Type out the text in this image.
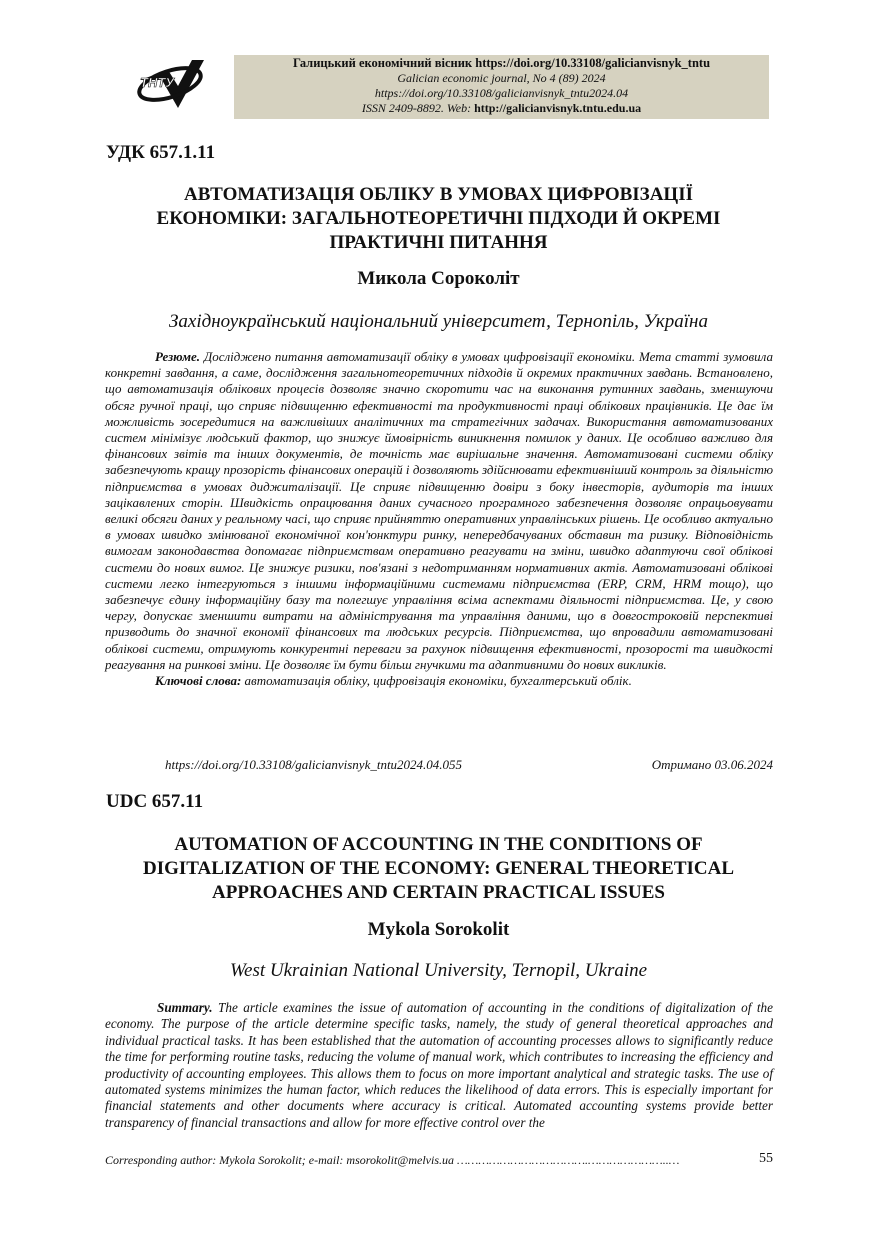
ТНТУ
Галицький економічний вісник https://doi.org/10.33108/galicianvisnyk_tntu
Galician economic journal, No 4 (89) 2024
https://doi.org/10.33108/galicianvisnyk_tntu2024.04
ISSN 2409-8892. Web: http://galicianvisnyk.tntu.edu.ua
УДК 657.1.11
АВТОМАТИЗАЦІЯ ОБЛІКУ В УМОВАХ ЦИФРОВІЗАЦІЇ
ЕКОНОМІКИ: ЗАГАЛЬНОТЕОРЕТИЧНІ ПІДХОДИ Й ОКРЕМІ
ПРАКТИЧНІ ПИТАННЯ
Микола Сороколіт
Західноукраїнський національний університет, Тернопіль, Україна

Резюме. Досліджено питання автоматизації обліку в умовах цифровізації економіки. Мета статті зумовила конкретні завдання, а саме, дослідження загальнотеоретичних підходів й окремих практичних завдань. Встановлено, що автоматизація облікових процесів дозволяє значно скоротити час на виконання рутинних завдань, зменшуючи обсяг ручної праці, що сприяє підвищенню ефективності та продуктивності праці облікових працівників. Це дає їм можливість зосередитися на важливіших аналітичних та стратегічних задачах. Використання автоматизованих систем мінімізує людський фактор, що знижує ймовірність виникнення помилок у даних. Це особливо важливо для фінансових звітів та інших документів, де точність має вирішальне значення. Автоматизовані системи обліку забезпечують кращу прозорість фінансових операцій і дозволяють здійснювати ефективніший контроль за діяльністю підприємства в умовах диджиталізації. Це сприяє підвищенню довіри з боку інвесторів, аудиторів та інших зацікавлених сторін. Швидкість опрацювання даних сучасного програмного забезпечення дозволяє опрацьовувати великі обсяги даних у реальному часі, що сприяє прийняттю оперативних управлінських рішень. Це особливо актуально в умовах швидко змінюваної економічної кон'юнктури ринку, непередбачуваних обставин та ризику. Відповідність вимогам законодавства допомагає підприємствам оперативно реагувати на зміни, швидко адаптуючи свої облікові системи до нових вимог. Це знижує ризики, пов'язані з недотриманням нормативних актів. Автоматизовані облікові системи легко інтегруються з іншими інформаційними системами підприємства (ERP, CRM, HRM тощо), що забезпечує єдину інформаційну базу та полегшує управління всіма аспектами діяльності підприємства. Це, у свою чергу, допускає зменшити витрати на адміністрування та управління даними, що в довгостроковій перспективі призводить до значної економії фінансових та людських ресурсів. Підприємства, що впровадили автоматизовані облікові системи, отримують конкурентні переваги за рахунок підвищення ефективності, прозорості та швидкості реагування на ринкові зміни. Це дозволяє їм бути більш гнучкими та адаптивними до нових викликів.

Ключові слова: автоматизація обліку, цифровізація економіки, бухгалтерський облік.

https://doi.org/10.33108/galicianvisnyk_tntu2024.04.055	Отримано 03.06.2024
UDC 657.11
AUTOMATION OF ACCOUNTING IN THE CONDITIONS OF
DIGITALIZATION OF THE ECONOMY: GENERAL THEORETICAL
APPROACHES AND CERTAIN PRACTICAL ISSUES
Mykola Sorokolit
West Ukrainian National University, Ternopil, Ukraine

Summary. The article examines the issue of automation of accounting in the conditions of digitalization of the economy. The purpose of the article determine specific tasks, namely, the study of general theoretical approaches and individual practical tasks. It has been established that the automation of accounting processes allows to significantly reduce the time for performing routine tasks, reducing the volume of manual work, which contributes to increasing the efficiency and productivity of accounting employees. This allows them to focus on more important analytical and strategic tasks. The use of automated systems minimizes the human factor, which reduces the likelihood of data errors. This is especially important for financial statements and other documents where accuracy is critical. Automated accounting systems provide better transparency of financial transactions and allow for more effective control over the

Corresponding author: Mykola Sorokolit; e-mail: msorokolit@melvis.ua ……………………………….…………………..…	55
